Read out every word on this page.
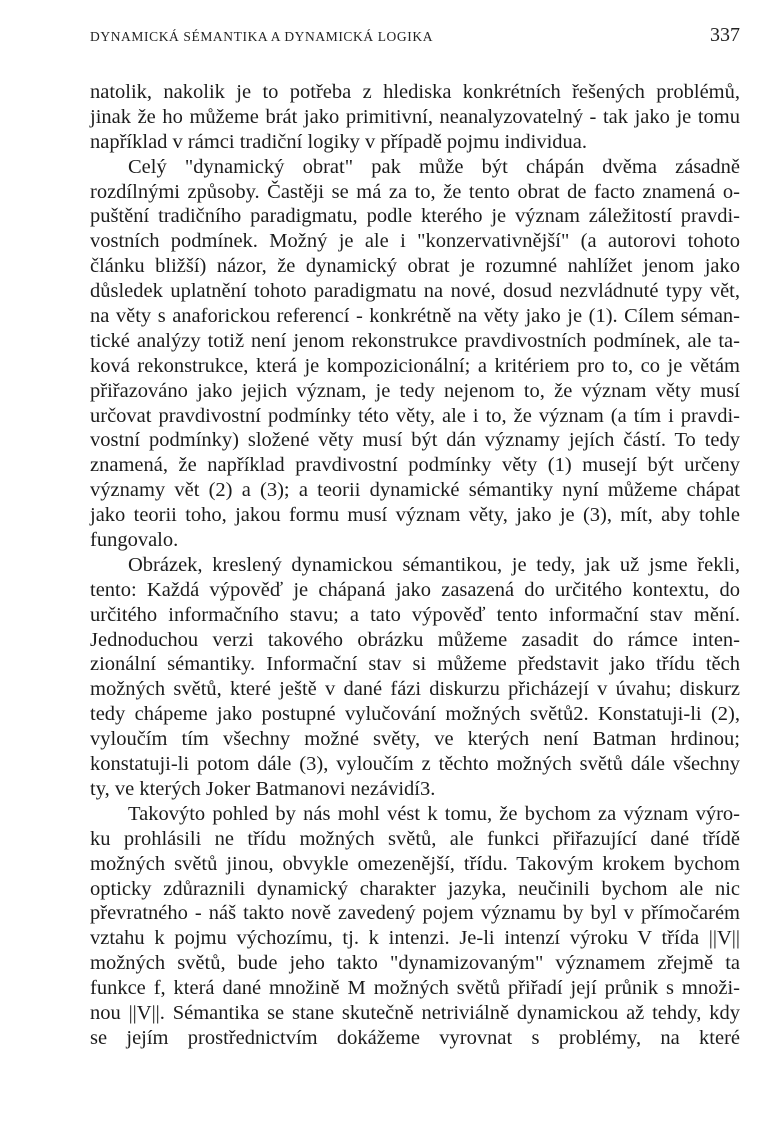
DYNAMICKÁ SÉMANTIKA A DYNAMICKÁ LOGIKA	337
natolik, nakolik je to potřeba z hlediska konkrétních řešených problémů,
jinak že ho můžeme brát jako primitivní, neanalyzovatelný - tak jako je tomu
například v rámci tradiční logiky v případě pojmu individua.
Celý "dynamický obrat" pak může být chápán dvěma zásadně
rozdílnými způsoby. Častěji se má za to, že tento obrat de facto znamená o-
puštění tradičního paradigmatu, podle kterého je význam záležitostí pravdi-
vostních podmínek. Možný je ale i "konzervativnější" (a autorovi tohoto
článku bližší) názor, že dynamický obrat je rozumné nahlížet jenom jako
důsledek uplatnění tohoto paradigmatu na nové, dosud nezvládnuté typy vět,
na věty s anaforickou referencí - konkrétně na věty jako je (1). Cílem séman-
tické analýzy totiž není jenom rekonstrukce pravdivostních podmínek, ale ta-
ková rekonstrukce, která je kompozicionální; a kritériem pro to, co je větám
přiřazováno jako jejich význam, je tedy nejenom to, že význam věty musí
určovat pravdivostní podmínky této věty, ale i to, že význam (a tím i pravdi-
vostní podmínky) složené věty musí být dán významy jejích částí. To tedy
znamená, že například pravdivostní podmínky věty (1) musejí být určeny
významy vět (2) a (3); a teorii dynamické sémantiky nyní můžeme chápat
jako teorii toho, jakou formu musí význam věty, jako je (3), mít, aby tohle
fungovalo.
Obrázek, kreslený dynamickou sémantikou, je tedy, jak už jsme řekli,
tento: Každá výpověď je chápaná jako zasazená do určitého kontextu, do
určitého informačního stavu; a tato výpověď tento informační stav mění.
Jednoduchou verzi takového obrázku můžeme zasadit do rámce inten-
zionální sémantiky. Informační stav si můžeme představit jako třídu těch
možných světů, které ještě v dané fázi diskurzu přicházejí v úvahu; diskurz
tedy chápeme jako postupné vylučování možných světů2. Konstatuji-li (2),
vyloučím tím všechny možné světy, ve kterých není Batman hrdinou;
konstatuji-li potom dále (3), vyloučím z těchto možných světů dále všechny
ty, ve kterých Joker Batmanovi nezávidí3.
Takovýto pohled by nás mohl vést k tomu, že bychom za význam výro-
ku prohlásili ne třídu možných světů, ale funkci přiřazující dané třídě
možných světů jinou, obvykle omezenější, třídu. Takovým krokem bychom
opticky zdůraznili dynamický charakter jazyka, neučinili bychom ale nic
převratného - náš takto nově zavedený pojem významu by byl v přímočarém
vztahu k pojmu výchozímu, tj. k intenzi. Je-li intenzí výroku V třída ||V||
možných světů, bude jeho takto "dynamizovaným" významem zřejmě ta
funkce f, která dané množině M možných světů přiřadí její průnik s množi-
nou ||V||. Sémantika se stane skutečně netriviálně dynamickou až tehdy, kdy
se jejím prostřednictvím dokážeme vyrovnat s problémy, na které
